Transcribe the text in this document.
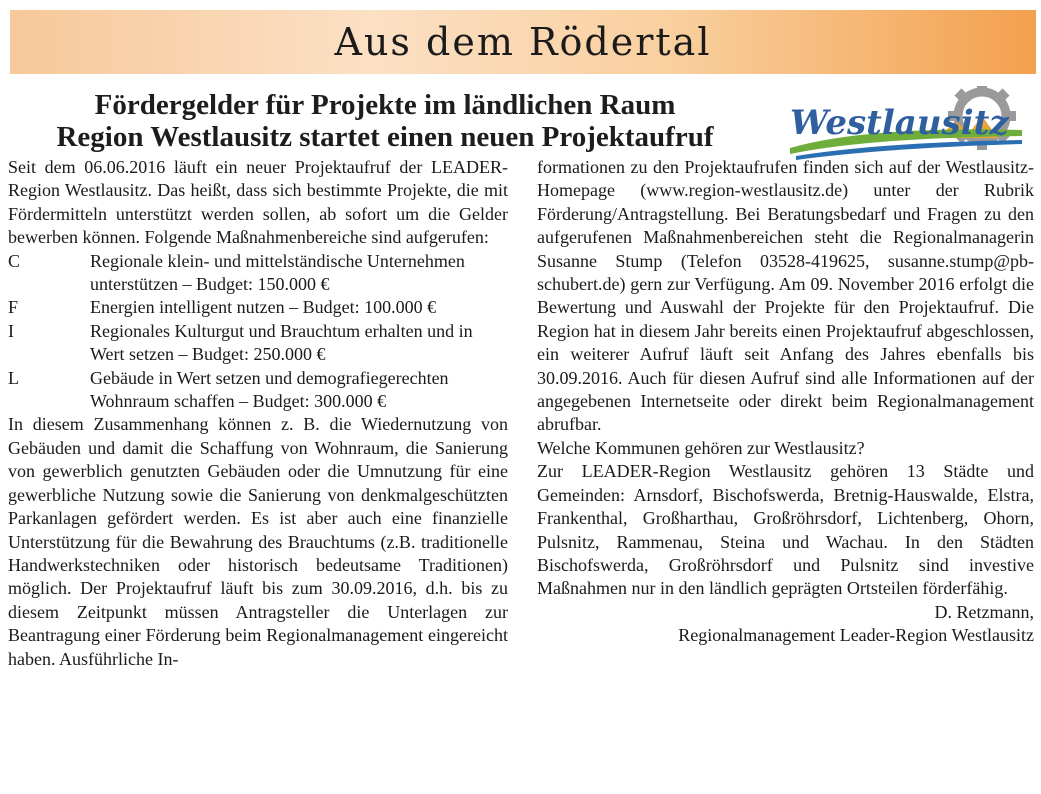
Aus dem Rödertal
Fördergelder für Projekte im ländlichen Raum
Region Westlausitz startet einen neuen Projektaufruf	Westlausitz

Seit dem 06.06.2016 läuft ein neuer Projektaufruf der LEADER-Region Westlausitz. Das heißt, dass sich bestimmte Projekte, die mit Fördermitteln unterstützt werden sollen, ab sofort um die Gelder bewerben können. Folgende Maßnahmenbereiche sind aufgerufen:

C	Regionale klein- und mittelständische Unternehmen unterstützen – Budget: 150.000 €
F	Energien intelligent nutzen – Budget: 100.000 €
I	Regionales Kulturgut und Brauchtum erhalten und in Wert setzen – Budget: 250.000 €
L	Gebäude in Wert setzen und demografiegerechten Wohnraum schaffen – Budget: 300.000 €

In diesem Zusammenhang können z. B. die Wiedernutzung von Gebäuden und damit die Schaffung von Wohnraum, die Sanierung von gewerblich genutzten Gebäuden oder die Umnutzung für eine gewerbliche Nutzung sowie die Sanierung von denkmalgeschützten Parkanlagen gefördert werden. Es ist aber auch eine finanzielle Unterstützung für die Bewahrung des Brauchtums (z.B. traditionelle Handwerkstechniken oder historisch bedeutsame Traditionen) möglich. Der Projektaufruf läuft bis zum 30.09.2016, d.h. bis zu diesem Zeitpunkt müssen Antragsteller die Unterlagen zur Beantragung einer Förderung beim Regionalmanagement eingereicht haben. Ausführliche In-

formationen zu den Projektaufrufen finden sich auf der Westlausitz-Homepage (www.region-westlausitz.de) unter der Rubrik Förderung/Antragstellung. Bei Beratungsbedarf und Fragen zu den aufgerufenen Maßnahmenbereichen steht die Regionalmanagerin Susanne Stump (Telefon 03528-419625, susanne.stump@pb-schubert.de) gern zur Verfügung. Am 09. November 2016 erfolgt die Bewertung und Auswahl der Projekte für den Projektaufruf. Die Region hat in diesem Jahr bereits einen Projektaufruf abgeschlossen, ein weiterer Aufruf läuft seit Anfang des Jahres ebenfalls bis 30.09.2016. Auch für diesen Aufruf sind alle Informationen auf der angegebenen Internetseite oder direkt beim Regionalmanagement abrufbar.

Welche Kommunen gehören zur Westlausitz?

Zur LEADER-Region Westlausitz gehören 13 Städte und Gemeinden: Arnsdorf, Bischofswerda, Bretnig-Hauswalde, Elstra, Frankenthal, Großharthau, Großröhrsdorf, Lichtenberg, Ohorn, Pulsnitz, Rammenau, Steina und Wachau. In den Städten Bischofswerda, Großröhrsdorf und Pulsnitz sind investive Maßnahmen nur in den ländlich geprägten Ortsteilen förderfähig.

D. Retzmann,

Regionalmanagement Leader-Region Westlausitz
